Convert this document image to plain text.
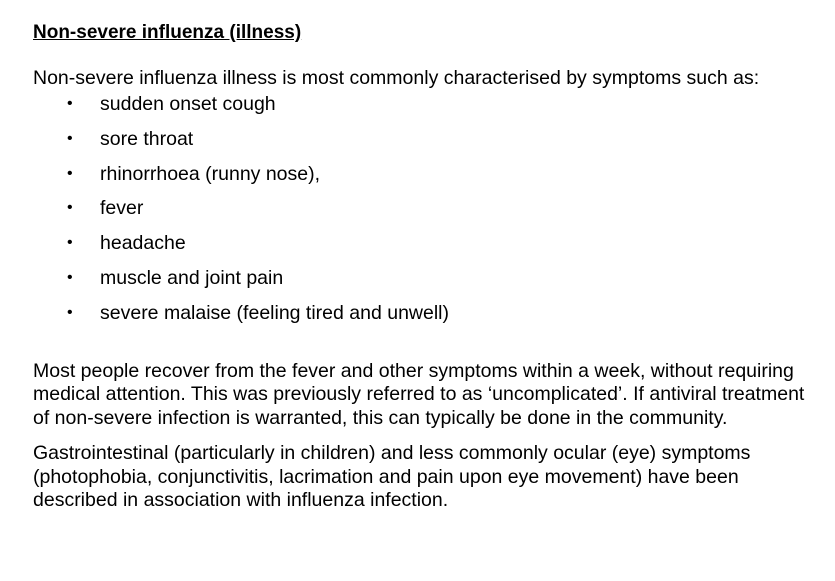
Non-severe influenza (illness)

Non-severe influenza illness is most commonly characterised by symptoms such as:

• sudden onset cough
• sore throat
• rhinorrhoea (runny nose),
• fever
• headache
• muscle and joint pain
• severe malaise (feeling tired and unwell)

Most people recover from the fever and other symptoms within a week, without requiring medical attention. This was previously referred to as ‘uncomplicated’. If antiviral treatment of non-severe infection is warranted, this can typically be done in the community.

Gastrointestinal (particularly in children) and less commonly ocular (eye) symptoms (photophobia, conjunctivitis, lacrimation and pain upon eye movement) have been described in association with influenza infection.
